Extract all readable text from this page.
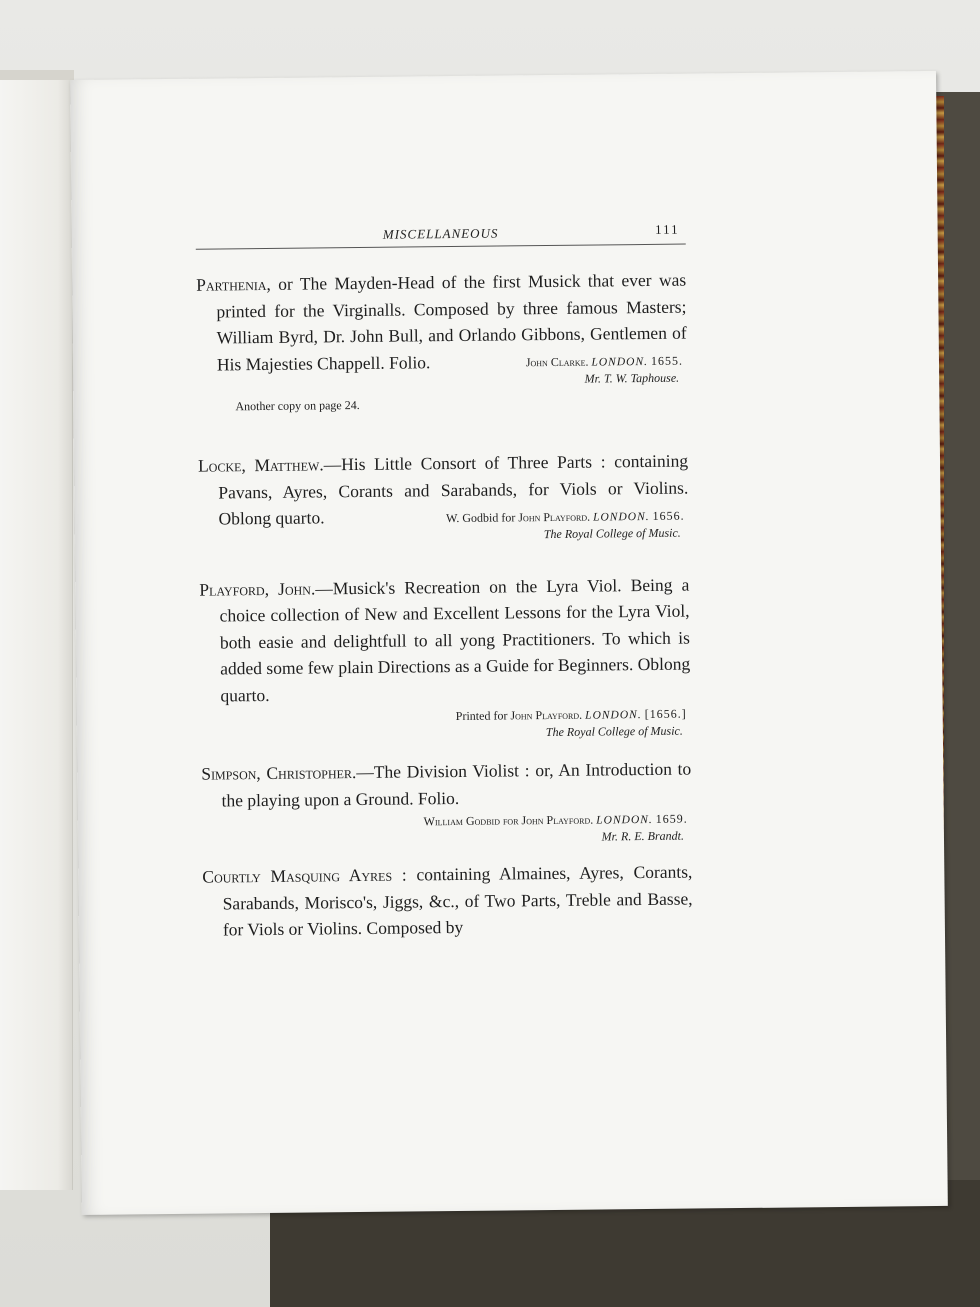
MISCELLANEOUS	111
Parthenia, or The Mayden-Head of the first Musick that ever was printed for the Virginalls. Composed by three famous Masters; William Byrd, Dr. John Bull, and Orlando Gibbons, Gentlemen of His Majesties Chappell. Folio.	John Clarke. LONDON. 1655.
Mr. T. W. Taphouse.
Another copy on page 24.
Locke, Matthew.—His Little Consort of Three Parts : containing Pavans, Ayres, Corants and Sarabands, for Viols or Violins. Oblong quarto.	W. Godbid for John Playford. LONDON. 1656.
The Royal College of Music.
Playford, John.—Musick's Recreation on the Lyra Viol. Being a choice collection of New and Excellent Lessons for the Lyra Viol, both easie and delightfull to all yong Practitioners. To which is added some few plain Directions as a Guide for Beginners. Oblong quarto.
Printed for John Playford. LONDON. [1656.]
The Royal College of Music.
Simpson, Christopher.—The Division Violist : or, An Introduction to the playing upon a Ground. Folio.
William Godbid for John Playford. LONDON. 1659.
Mr. R. E. Brandt.
Courtly Masquing Ayres : containing Almaines, Ayres, Corants, Sarabands, Morisco's, Jiggs, &c., of Two Parts, Treble and Basse, for Viols or Violins. Composed by
